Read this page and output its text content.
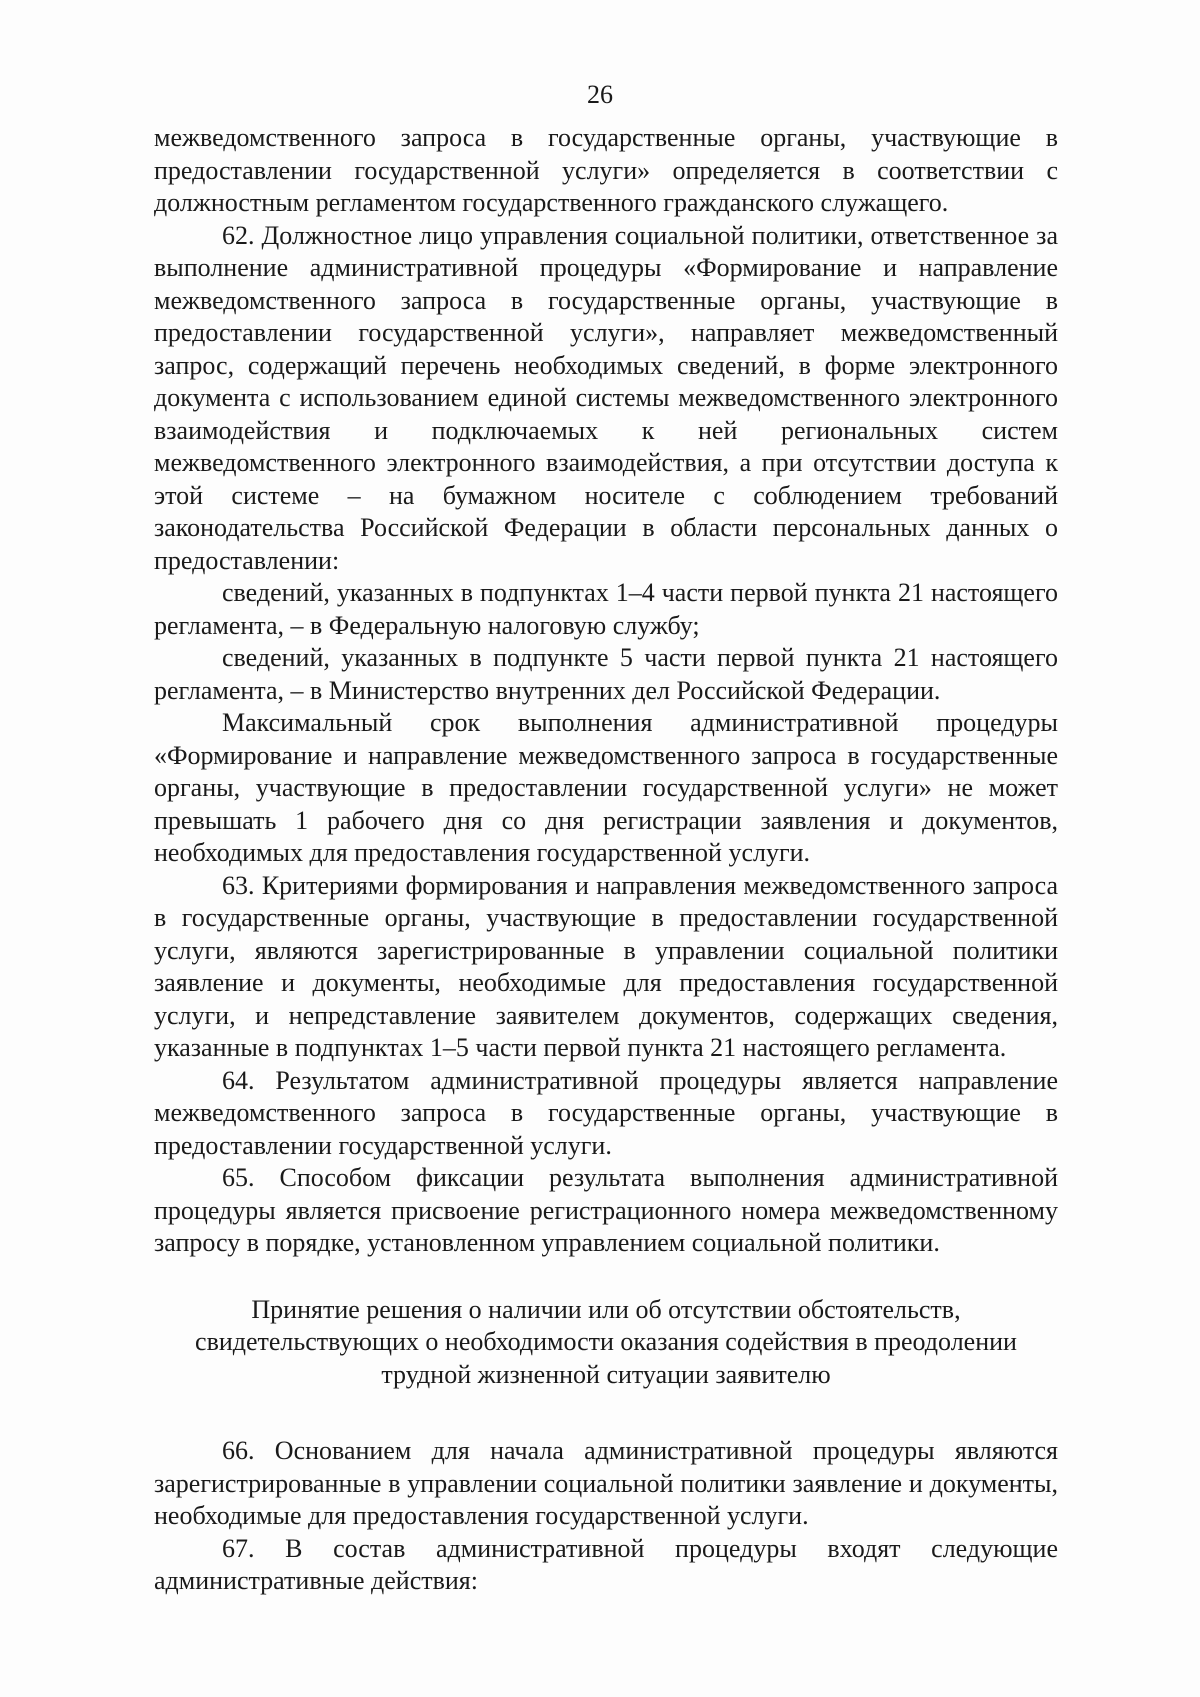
26

межведомственного запроса в государственные органы, участвующие в предоставлении государственной услуги» определяется в соответствии с должностным регламентом государственного гражданского служащего.

62. Должностное лицо управления социальной политики, ответственное за выполнение административной процедуры «Формирование и направление межведомственного запроса в государственные органы, участвующие в предоставлении государственной услуги», направляет межведомственный запрос, содержащий перечень необходимых сведений, в форме электронного документа с использованием единой системы межведомственного электронного взаимодействия и подключаемых к ней региональных систем межведомственного электронного взаимодействия, а при отсутствии доступа к этой системе – на бумажном носителе с соблюдением требований законодательства Российской Федерации в области персональных данных о предоставлении:

сведений, указанных в подпунктах 1–4 части первой пункта 21 настоящего регламента, – в Федеральную налоговую службу;

сведений, указанных в подпункте 5 части первой пункта 21 настоящего регламента, – в Министерство внутренних дел Российской Федерации.

Максимальный срок выполнения административной процедуры «Формирование и направление межведомственного запроса в государственные органы, участвующие в предоставлении государственной услуги» не может превышать 1 рабочего дня со дня регистрации заявления и документов, необходимых для предоставления государственной услуги.

63. Критериями формирования и направления межведомственного запроса в государственные органы, участвующие в предоставлении государственной услуги, являются зарегистрированные в управлении социальной политики заявление и документы, необходимые для предоставления государственной услуги, и непредставление заявителем документов, содержащих сведения, указанные в подпунктах 1–5 части первой пункта 21 настоящего регламента.

64. Результатом административной процедуры является направление межведомственного запроса в государственные органы, участвующие в предоставлении государственной услуги.

65. Способом фиксации результата выполнения административной процедуры является присвоение регистрационного номера межведомственному запросу в порядке, установленном управлением социальной политики.

Принятие решения о наличии или об отсутствии обстоятельств,
свидетельствующих о необходимости оказания содействия в преодолении
трудной жизненной ситуации заявителю

66. Основанием для начала административной процедуры являются зарегистрированные в управлении социальной политики заявление и документы, необходимые для предоставления государственной услуги.

67. В состав административной процедуры входят следующие административные действия:
